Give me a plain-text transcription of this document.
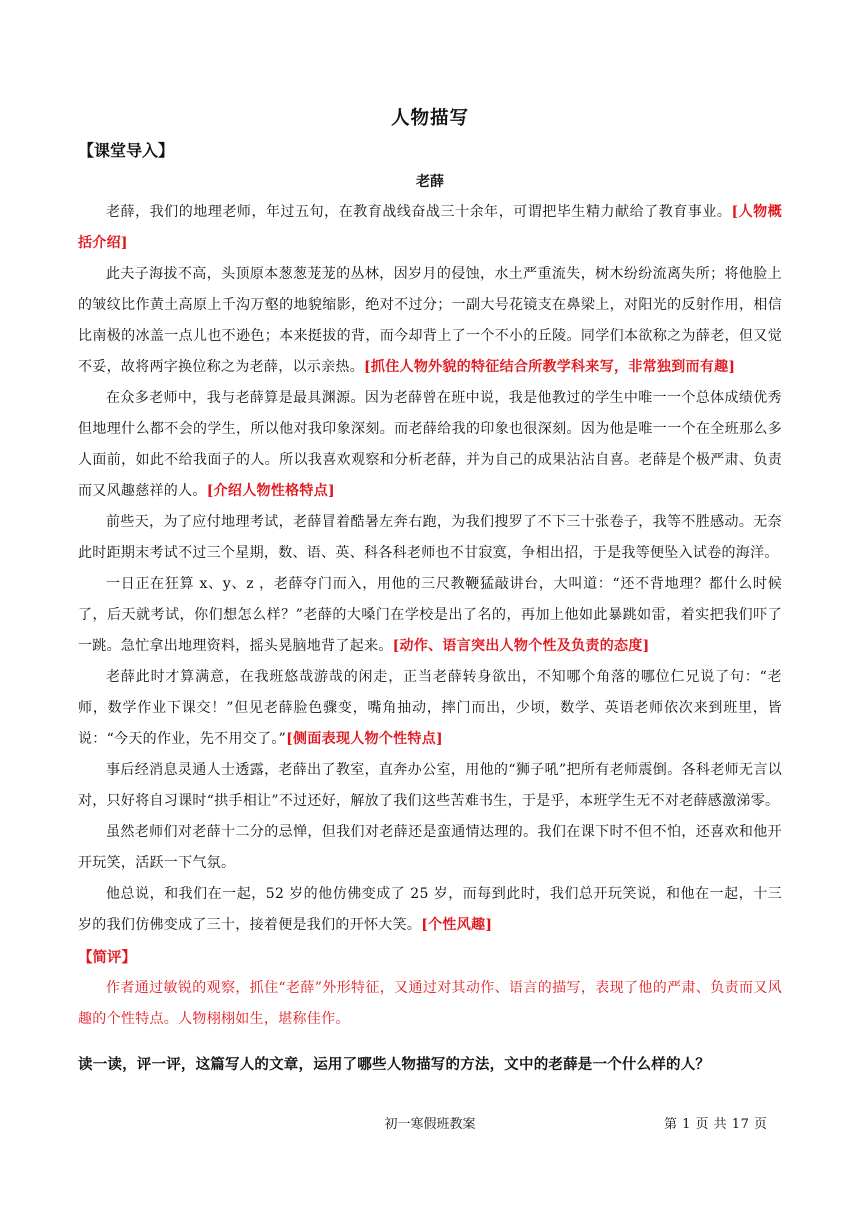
人物描写
【课堂导入】
老薛

老薛，我们的地理老师，年过五旬，在教育战线奋战三十余年，可谓把毕生精力献给了教育事业。[人物概括介绍]

此夫子海拔不高，头顶原本葱葱茏茏的丛林，因岁月的侵蚀，水土严重流失，树木纷纷流离失所；将他脸上的皱纹比作黄土高原上千沟万壑的地貌缩影，绝对不过分；一副大号花镜支在鼻梁上，对阳光的反射作用，相信比南极的冰盖一点儿也不逊色；本来挺拔的背，而今却背上了一个不小的丘陵。同学们本欲称之为薛老，但又觉不妥，故将两字换位称之为老薛，以示亲热。[抓住人物外貌的特征结合所教学科来写，非常独到而有趣]

在众多老师中，我与老薛算是最具渊源。因为老薛曾在班中说，我是他教过的学生中唯一一个总体成绩优秀但地理什么都不会的学生，所以他对我印象深刻。而老薛给我的印象也很深刻。因为他是唯一一个在全班那么多人面前，如此不给我面子的人。所以我喜欢观察和分析老薛，并为自己的成果沾沾自喜。老薛是个极严肃、负责而又风趣慈祥的人。[介绍人物性格特点]

前些天，为了应付地理考试，老薛冒着酷暑左奔右跑，为我们搜罗了不下三十张卷子，我等不胜感动。无奈此时距期末考试不过三个星期，数、语、英、科各科老师也不甘寂寞，争相出招，于是我等便坠入试卷的海洋。

一日正在狂算 x、y、z ，老薛夺门而入，用他的三尺教鞭猛敲讲台，大叫道：“还不背地理？都什么时候了，后天就考试，你们想怎么样？”老薛的大嗓门在学校是出了名的，再加上他如此暴跳如雷，着实把我们吓了一跳。急忙拿出地理资料，摇头晃脑地背了起来。[动作、语言突出人物个性及负责的态度]

老薛此时才算满意，在我班悠哉游哉的闲走，正当老薛转身欲出，不知哪个角落的哪位仁兄说了句：“老师，数学作业下课交！”但见老薛脸色骤变，嘴角抽动，摔门而出，少顷，数学、英语老师依次来到班里，皆说：“今天的作业，先不用交了。”[侧面表现人物个性特点]

事后经消息灵通人士透露，老薛出了教室，直奔办公室，用他的“狮子吼”把所有老师震倒。各科老师无言以对，只好将自习课时“拱手相让”不过还好，解放了我们这些苦难书生，于是乎，本班学生无不对老薛感激涕零。

虽然老师们对老薛十二分的忌惮，但我们对老薛还是蛮通情达理的。我们在课下时不但不怕，还喜欢和他开开玩笑，活跃一下气氛。

他总说，和我们在一起，52 岁的他仿佛变成了 25 岁，而每到此时，我们总开玩笑说，和他在一起，十三岁的我们仿佛变成了三十，接着便是我们的开怀大笑。[个性风趣]

【简评】

作者通过敏锐的观察，抓住“老薛”外形特征，又通过对其动作、语言的描写，表现了他的严肃、负责而又风趣的个性特点。人物栩栩如生，堪称佳作。

读一读，评一评，这篇写人的文章，运用了哪些人物描写的方法，文中的老薛是一个什么样的人？
初一寒假班教案	第 1 页 共 17 页
